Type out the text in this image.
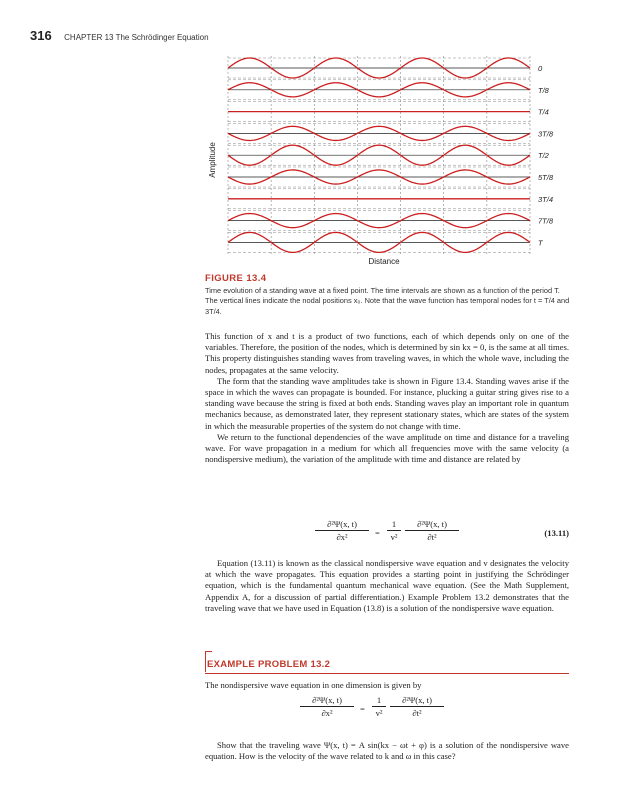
316 CHAPTER 13 The Schrödinger Equation
0
T/8
T/4
3T/8
T/2
5T/8
3T/4
7T/8
T
Amplitude
Distance
FIGURE 13.4
Time evolution of a standing wave at a fixed point. The time intervals are shown as a function of the period T. The vertical lines indicate the nodal positions x₀. Note that the wave function has temporal nodes for t = T/4 and 3T/4.

This function of x and t is a product of two functions, each of which depends only on one of the variables. Therefore, the position of the nodes, which is determined by sin kx = 0, is the same at all times. This property distinguishes standing waves from traveling waves, in which the whole wave, including the nodes, propagates at the same velocity.

The form that the standing wave amplitudes take is shown in Figure 13.4. Standing waves arise if the space in which the waves can propagate is bounded. For instance, plucking a guitar string gives rise to a standing wave because the string is fixed at both ends. Standing waves play an important role in quantum mechanics because, as demonstrated later, they represent stationary states, which are states of the system in which the measurable properties of the system do not change with time.

We return to the functional dependencies of the wave amplitude on time and distance for a traveling wave. For wave propagation in a medium for which all frequencies move with the same velocity (a nondispersive medium), the variation of the amplitude with time and distance are related by

∂²Ψ(x, t)
∂x²	=
1
v²
∂²Ψ(x, t)
∂t²	(13.11)

Equation (13.11) is known as the classical nondispersive wave equation and v designates the velocity at which the wave propagates. This equation provides a starting point in justifying the Schrödinger equation, which is the fundamental quantum mechanical wave equation. (See the Math Supplement, Appendix A, for a discussion of partial differentiation.) Example Problem 13.2 demonstrates that the traveling wave that we have used in Equation (13.8) is a solution of the nondispersive wave equation.

EXAMPLE PROBLEM 13.2

The nondispersive wave equation in one dimension is given by

∂²Ψ(x, t)
∂x²	=
1
v²
∂²Ψ(x, t)
∂t²

Show that the traveling wave Ψ(x, t) = A sin(kx − ωt + φ) is a solution of the nondispersive wave equation. How is the velocity of the wave related to k and ω in this case?
